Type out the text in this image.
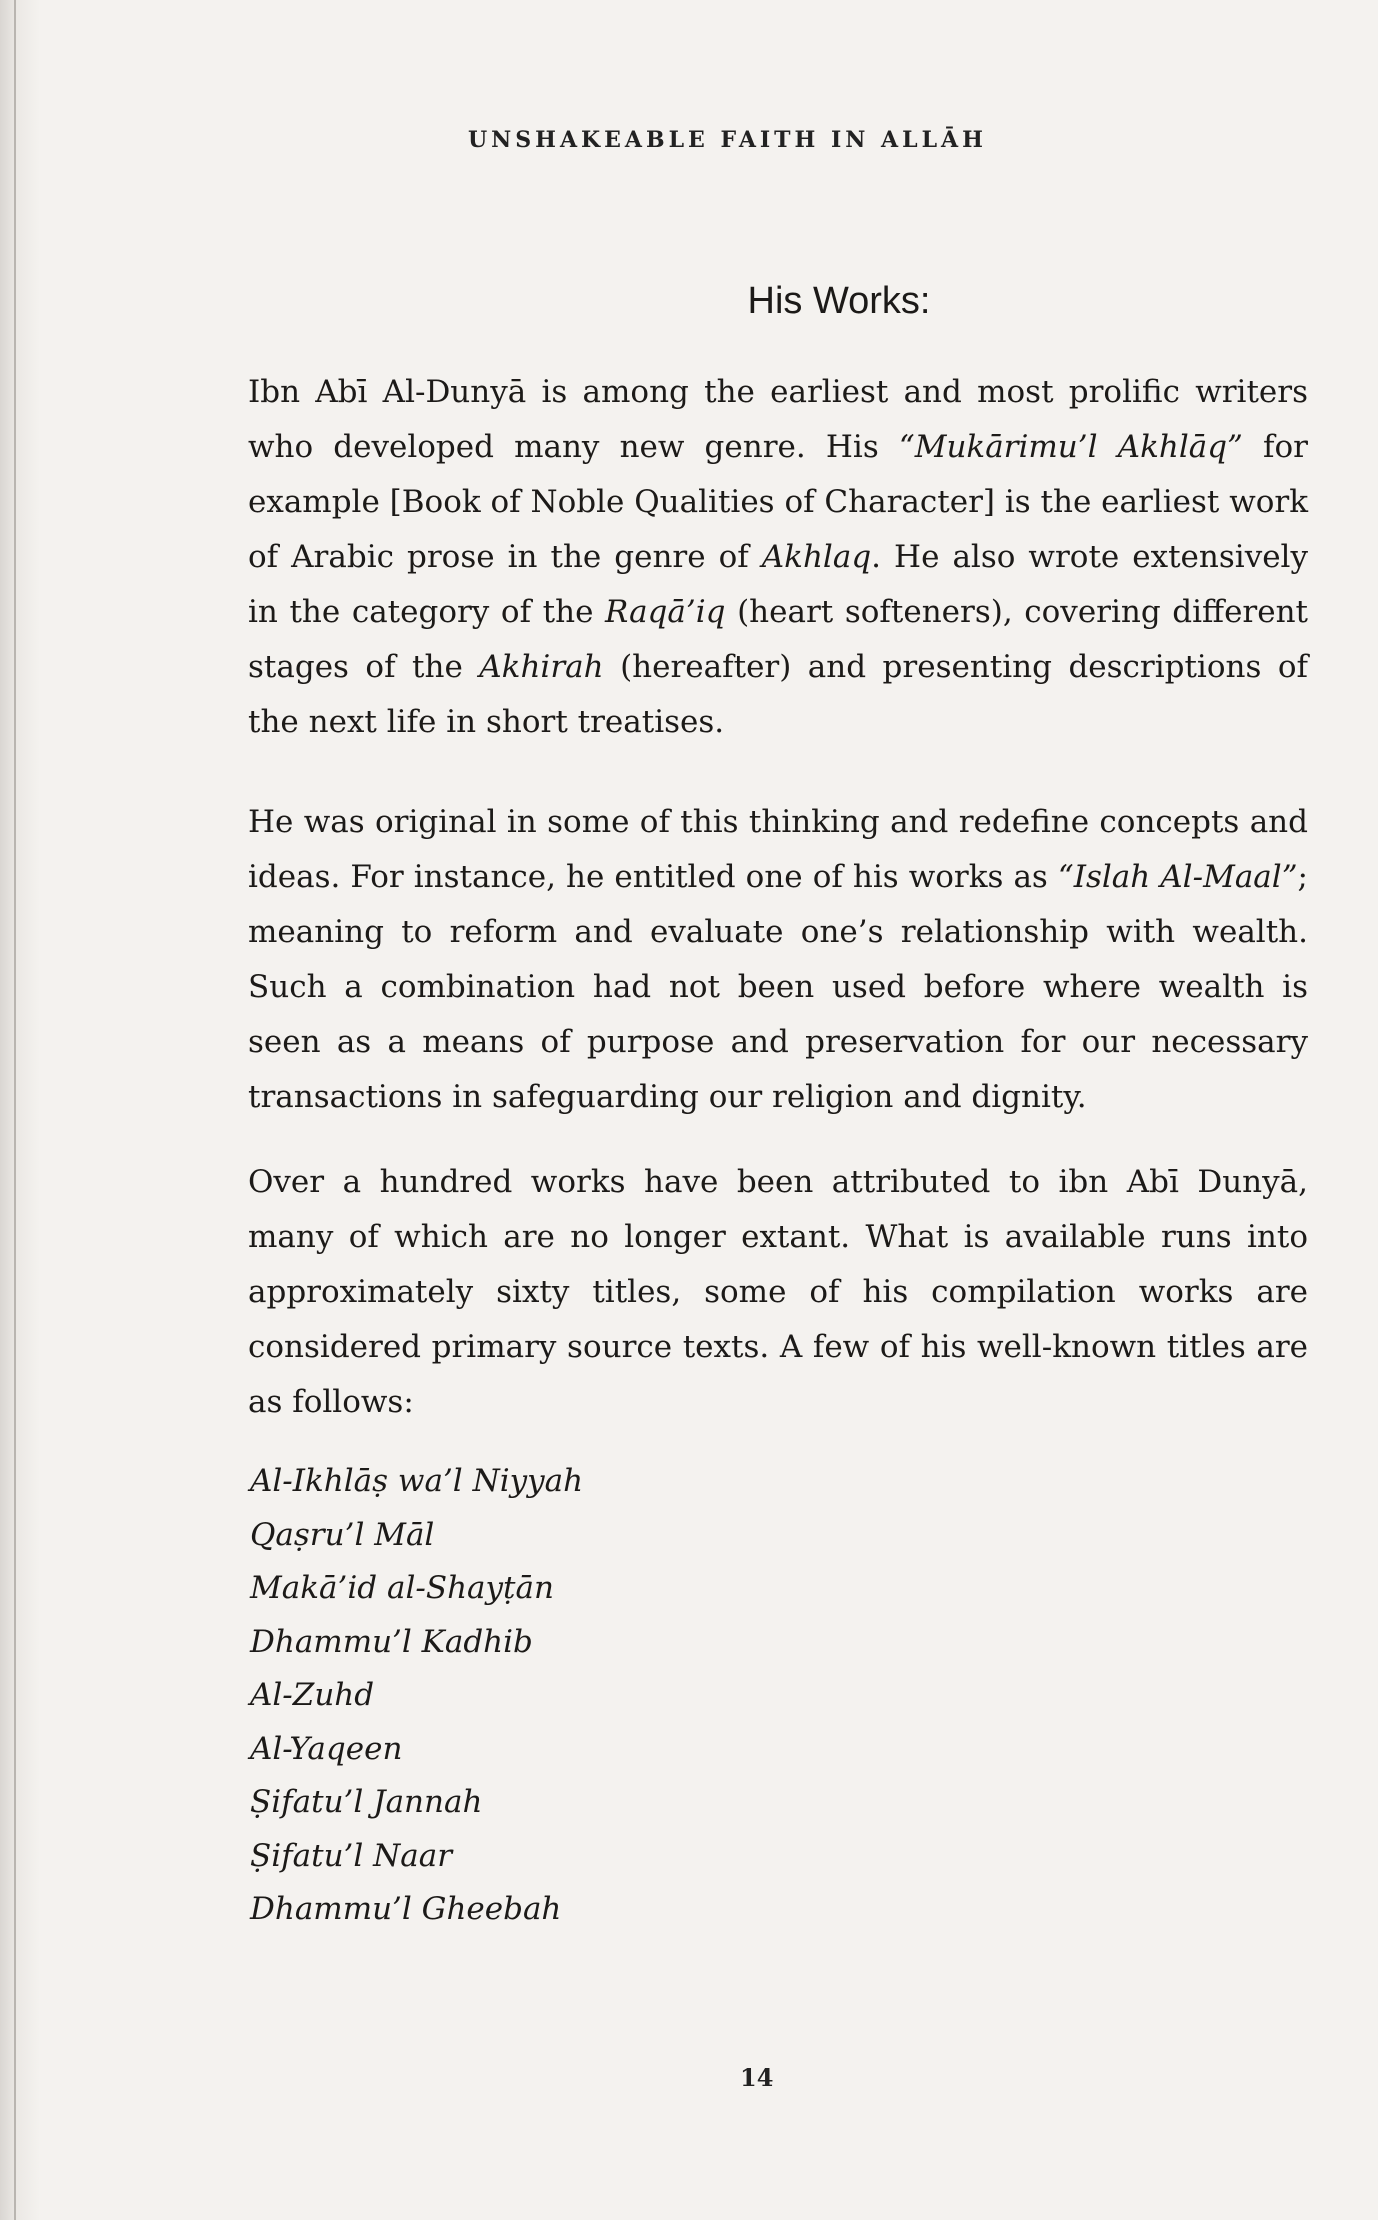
UNSHAKEABLE FAITH IN ALLĀH
His Works:

Ibn Abī Al-Dunyā is among the earliest and most prolific writers who developed many new genre. His “Mukārimu’l Akhlāq” for example [Book of Noble Qualities of Character] is the earliest work of Arabic prose in the genre of Akhlaq. He also wrote extensively in the category of the Raqā’iq (heart softeners), covering different stages of the Akhirah (hereafter) and presenting descriptions of the next life in short treatises.

He was original in some of this thinking and redefine concepts and ideas. For instance, he entitled one of his works as “Islah Al-Maal”; meaning to reform and evaluate one’s relationship with wealth. Such a combination had not been used before where wealth is seen as a means of purpose and preservation for our necessary transactions in safeguarding our religion and dignity.

Over a hundred works have been attributed to ibn Abī Dunyā, many of which are no longer extant. What is available runs into approximately sixty titles, some of his compilation works are considered primary source texts. A few of his well-known titles are as follows:

Al-Ikhlāṣ wa’l Niyyah
Qaṣru’l Māl
Makā’id al-Shayṭān
Dhammu’l Kadhib
Al-Zuhd
Al-Yaqeen
Ṣifatu’l Jannah
Ṣifatu’l Naar
Dhammu’l Gheebah
14
